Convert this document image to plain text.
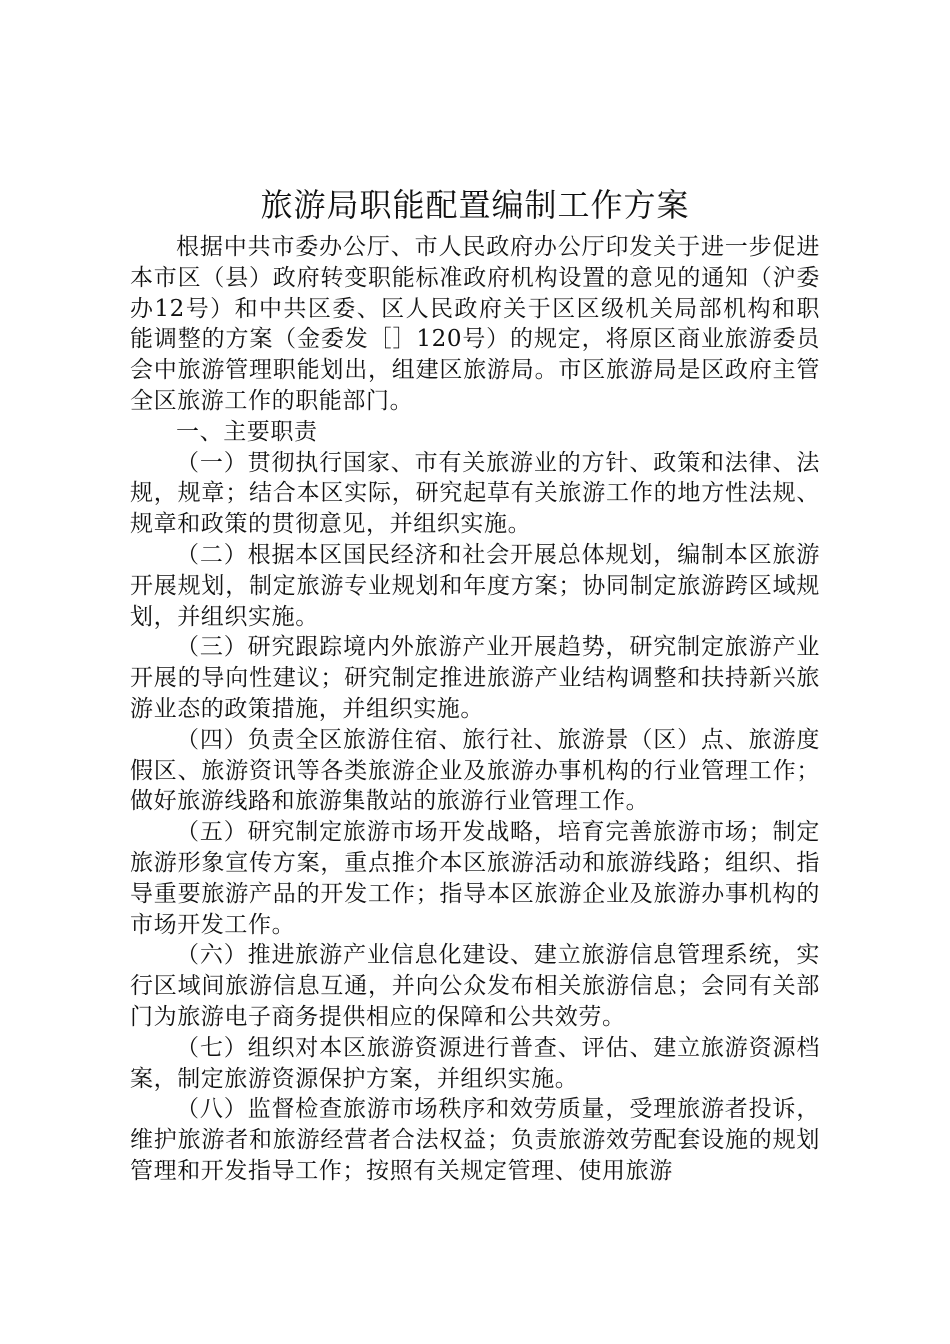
旅游局职能配置编制工作方案

根据中共市委办公厅、市人民政府办公厅印发关于进一步促进本市区（县）政府转变职能标准政府机构设置的意见的通知（沪委办12号）和中共区委、区人民政府关于区区级机关局部机构和职能调整的方案（金委发［］120号）的规定，将原区商业旅游委员会中旅游管理职能划出，组建区旅游局。市区旅游局是区政府主管全区旅游工作的职能部门。

一、主要职责

（一）贯彻执行国家、市有关旅游业的方针、政策和法律、法规，规章；结合本区实际，研究起草有关旅游工作的地方性法规、规章和政策的贯彻意见，并组织实施。

（二）根据本区国民经济和社会开展总体规划，编制本区旅游开展规划，制定旅游专业规划和年度方案；协同制定旅游跨区域规划，并组织实施。

（三）研究跟踪境内外旅游产业开展趋势，研究制定旅游产业开展的导向性建议；研究制定推进旅游产业结构调整和扶持新兴旅游业态的政策措施，并组织实施。

（四）负责全区旅游住宿、旅行社、旅游景（区）点、旅游度假区、旅游资讯等各类旅游企业及旅游办事机构的行业管理工作；做好旅游线路和旅游集散站的旅游行业管理工作。

（五）研究制定旅游市场开发战略，培育完善旅游市场；制定旅游形象宣传方案，重点推介本区旅游活动和旅游线路；组织、指导重要旅游产品的开发工作；指导本区旅游企业及旅游办事机构的市场开发工作。

（六）推进旅游产业信息化建设、建立旅游信息管理系统，实行区域间旅游信息互通，并向公众发布相关旅游信息；会同有关部门为旅游电子商务提供相应的保障和公共效劳。

（七）组织对本区旅游资源进行普查、评估、建立旅游资源档案，制定旅游资源保护方案，并组织实施。

（八）监督检查旅游市场秩序和效劳质量，受理旅游者投诉，维护旅游者和旅游经营者合法权益；负责旅游效劳配套设施的规划管理和开发指导工作；按照有关规定管理、使用旅游
